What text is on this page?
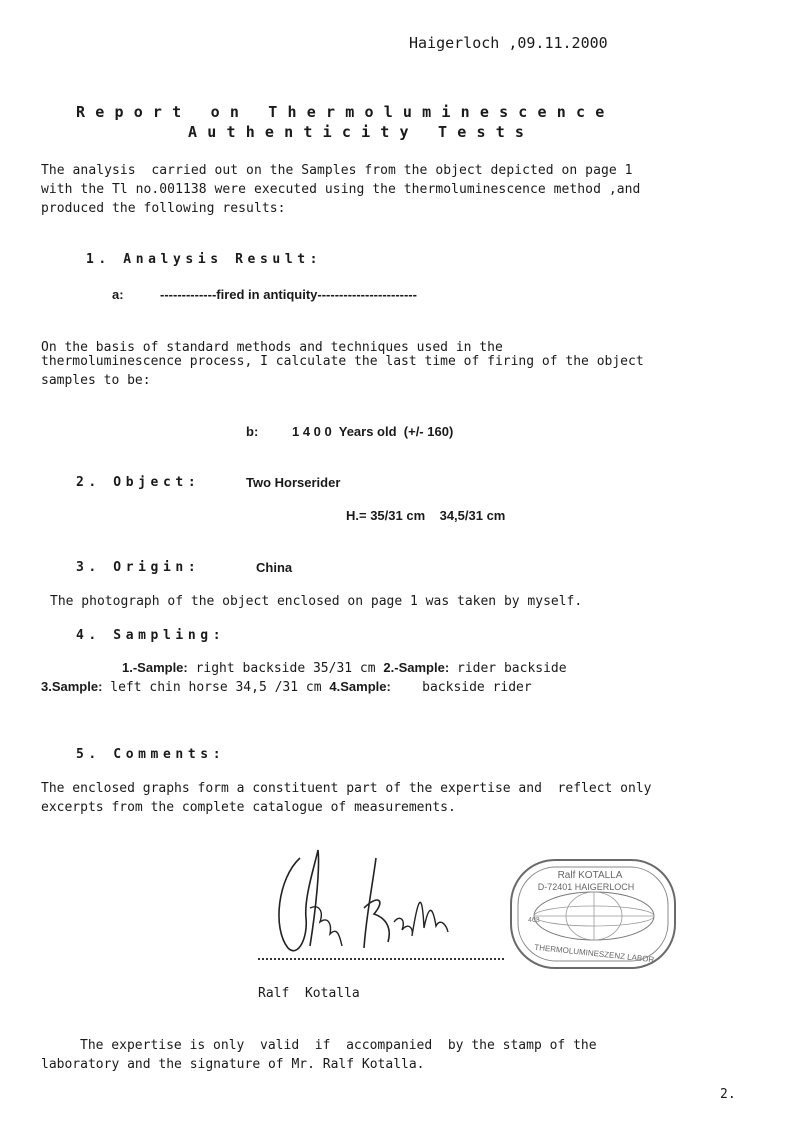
Haigerloch ,09.11.2000
Report on Thermoluminescence
Authenticity Tests
The analysis  carried out on the Samples from the object depicted on page 1
with the Tl no.001138 were executed using the thermoluminescence method ,and
produced the following results:
1. Analysis Result:
a:	-------------fired in antiquity-----------------------
On the basis of standard methods and techniques used in the
thermoluminescence process, I calculate the last time of firing of the object
samples to be:
b:	1 4 0 0  Years old  (+/- 160)
2. Object:	Two Horserider
H.= 35/31 cm    34,5/31 cm
3. Origin:	China
The photograph of the object enclosed on page 1 was taken by myself.
4. Sampling:
1.-Sample: right backside 35/31 cm 2.-Sample: rider backside
3.Sample: left chin horse 34,5 /31 cm 4.Sample:    backside rider
5. Comments:
The enclosed graphs form a constituent part of the expertise and  reflect only
excerpts from the complete catalogue of measurements.
Ralf KOTALLA
D-72401 HAIGERLOCH
463
THERMOLUMINESZENZ LABOR
Ralf  Kotalla
The expertise is only  valid  if  accompanied  by the stamp of the
laboratory and the signature of Mr. Ralf Kotalla.
2.
